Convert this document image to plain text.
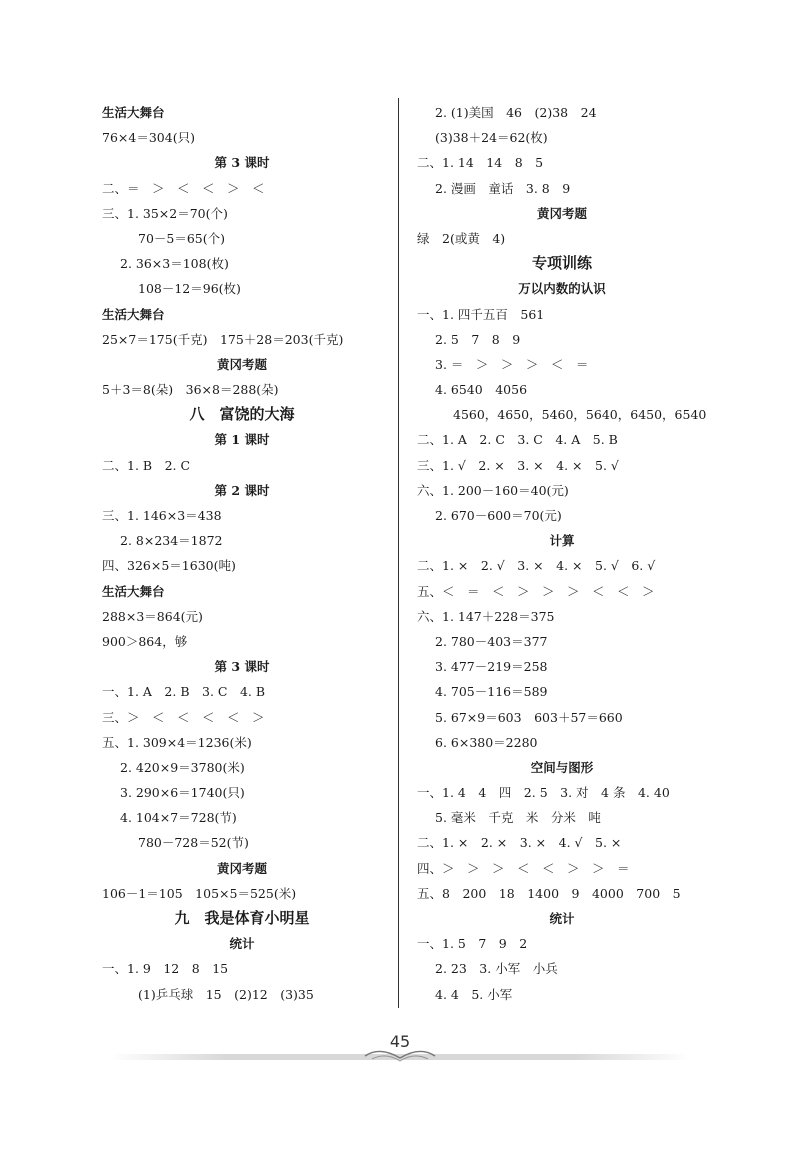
生活大舞台
76×4＝304(只)
第 3 课时
二、＝　＞　＜　＜　＞　＜
三、1. 35×2＝70(个)
70－5＝65(个)
2. 36×3＝108(枚)
108－12＝96(枚)
生活大舞台
25×7＝175(千克)　175＋28＝203(千克)
黄冈考题
5＋3＝8(朵)　36×8＝288(朵)
八　富饶的大海
第 1 课时
二、1. B　2. C
第 2 课时
三、1. 146×3＝438
2. 8×234＝1872
四、326×5＝1630(吨)
生活大舞台
288×3＝864(元)
900＞864，够
第 3 课时
一、1. A　2. B　3. C　4. B
三、＞　＜　＜　＜　＜　＞
五、1. 309×4＝1236(米)
2. 420×9＝3780(米)
3. 290×6＝1740(只)
4. 104×7＝728(节)
780－728＝52(节)
黄冈考题
106－1＝105　105×5＝525(米)
九　我是体育小明星
统计
一、1. 9　12　8　15
(1)乒乓球　15　(2)12　(3)35
2. (1)美国　46　(2)38　24
(3)38＋24＝62(枚)
二、1. 14　14　8　5
2. 漫画　童话　3. 8　9
黄冈考题
绿　2(或黄　4)
专项训练
万以内数的认识
一、1. 四千五百　561
2. 5　7　8　9
3. ＝　＞　＞　＞　＜　＝
4. 6540　4056
4560，4650，5460，5640，6450，6540
二、1. A　2. C　3. C　4. A　5. B
三、1. √　2. ×　3. ×　4. ×　5. √
六、1. 200－160＝40(元)
2. 670－600＝70(元)
计算
二、1. ×　2. √　3. ×　4. ×　5. √　6. √
五、＜　＝　＜　＞　＞　＞　＜　＜　＞
六、1. 147＋228＝375
2. 780－403＝377
3. 477－219＝258
4. 705－116＝589
5. 67×9＝603　603＋57＝660
6. 6×380＝2280
空间与图形
一、1. 4　4　四　2. 5　3. 对　4 条　4. 40
5. 毫米　千克　米　分米　吨
二、1. ×　2. ×　3. ×　4. √　5. ×
四、＞　＞　＞　＜　＜　＞　＞　＝
五、8　200　18　1400　9　4000　700　5
统计
一、1. 5　7　9　2
2. 23　3. 小军　小兵
4. 4　5. 小军
45
